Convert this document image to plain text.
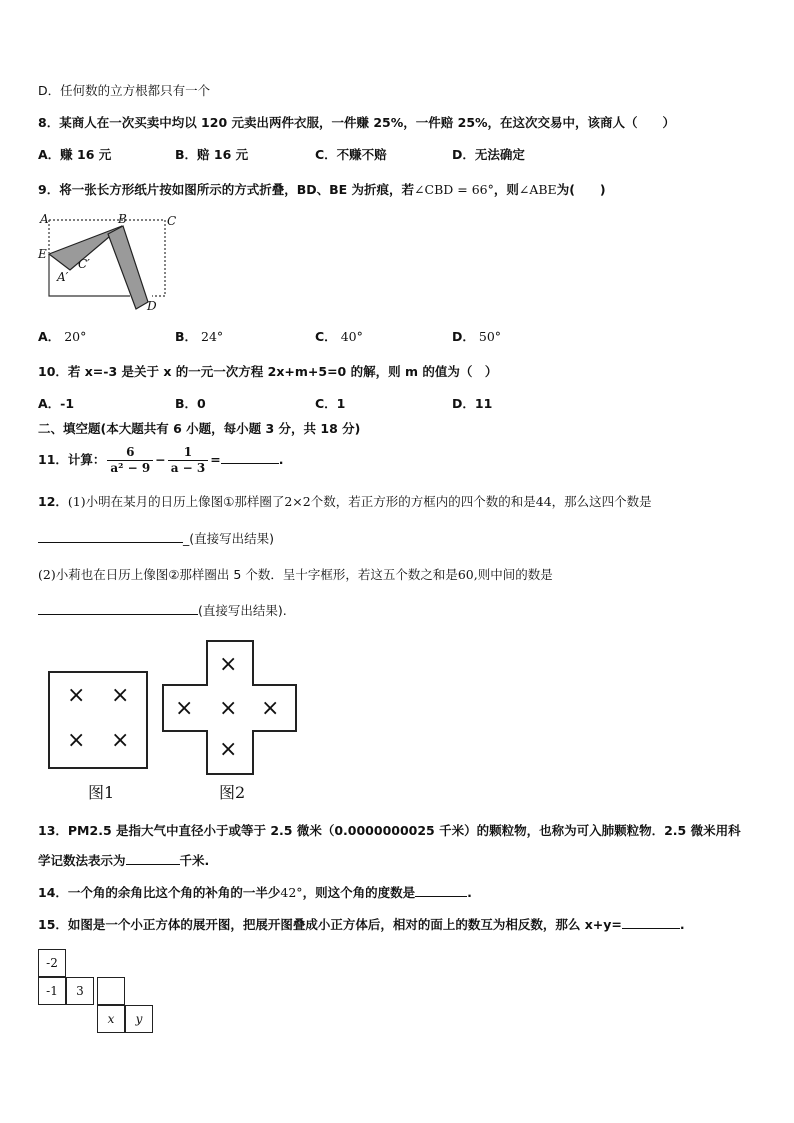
D．任何数的立方根都只有一个
8．某商人在一次买卖中均以 120 元卖出两件衣服，一件赚 25%，一件赔 25%，在这次交易中，该商人（　　）
A．赚 16 元	B．赔 16 元	C．不赚不赔	D．无法确定
9．将一张长方形纸片按如图所示的方式折叠，BD、BE 为折痕，若∠CBD = 66°，则∠ABE为(　　)
A	B	C
E
A′
C′
D
A． 20°	B． 24°	C． 40°	D． 50°
10．若 x=-3 是关于 x 的一元一次方程 2x+m+5=0 的解，则 m 的值为（　）
A．-1	B．0	C．1	D．11
二、填空题(本大题共有 6 小题，每小题 3 分，共 18 分)
11．计算： $\frac{6}{\text{a² − 9}} - \frac{1}{a - 3}$ =	.
12．(1)小明在某月的日历上像图①那样圈了2×2个数，若正方形的方框内的四个数的和是44，那么这四个数是
_(直接写出结果)
(2)小莉也在日历上像图②那样圈出 5 个数．呈十字框形，若这五个数之和是60,则中间的数是
(直接写出结果).
× ×
× ×
×
× × ×
×
图1	图2
13．PM2.5 是指大气中直径小于或等于 2.5 微米（0.0000000025 千米）的颗粒物，也称为可入肺颗粒物．2.5 微米用科
学记数法表示为	千米.
14．一个角的余角比这个角的补角的一半少42°，则这个角的度数是	.
15．如图是一个小正方体的展开图，把展开图叠成小正方体后，相对的面上的数互为相反数，那么 x+y=	.
-2
-1	3
x	y
